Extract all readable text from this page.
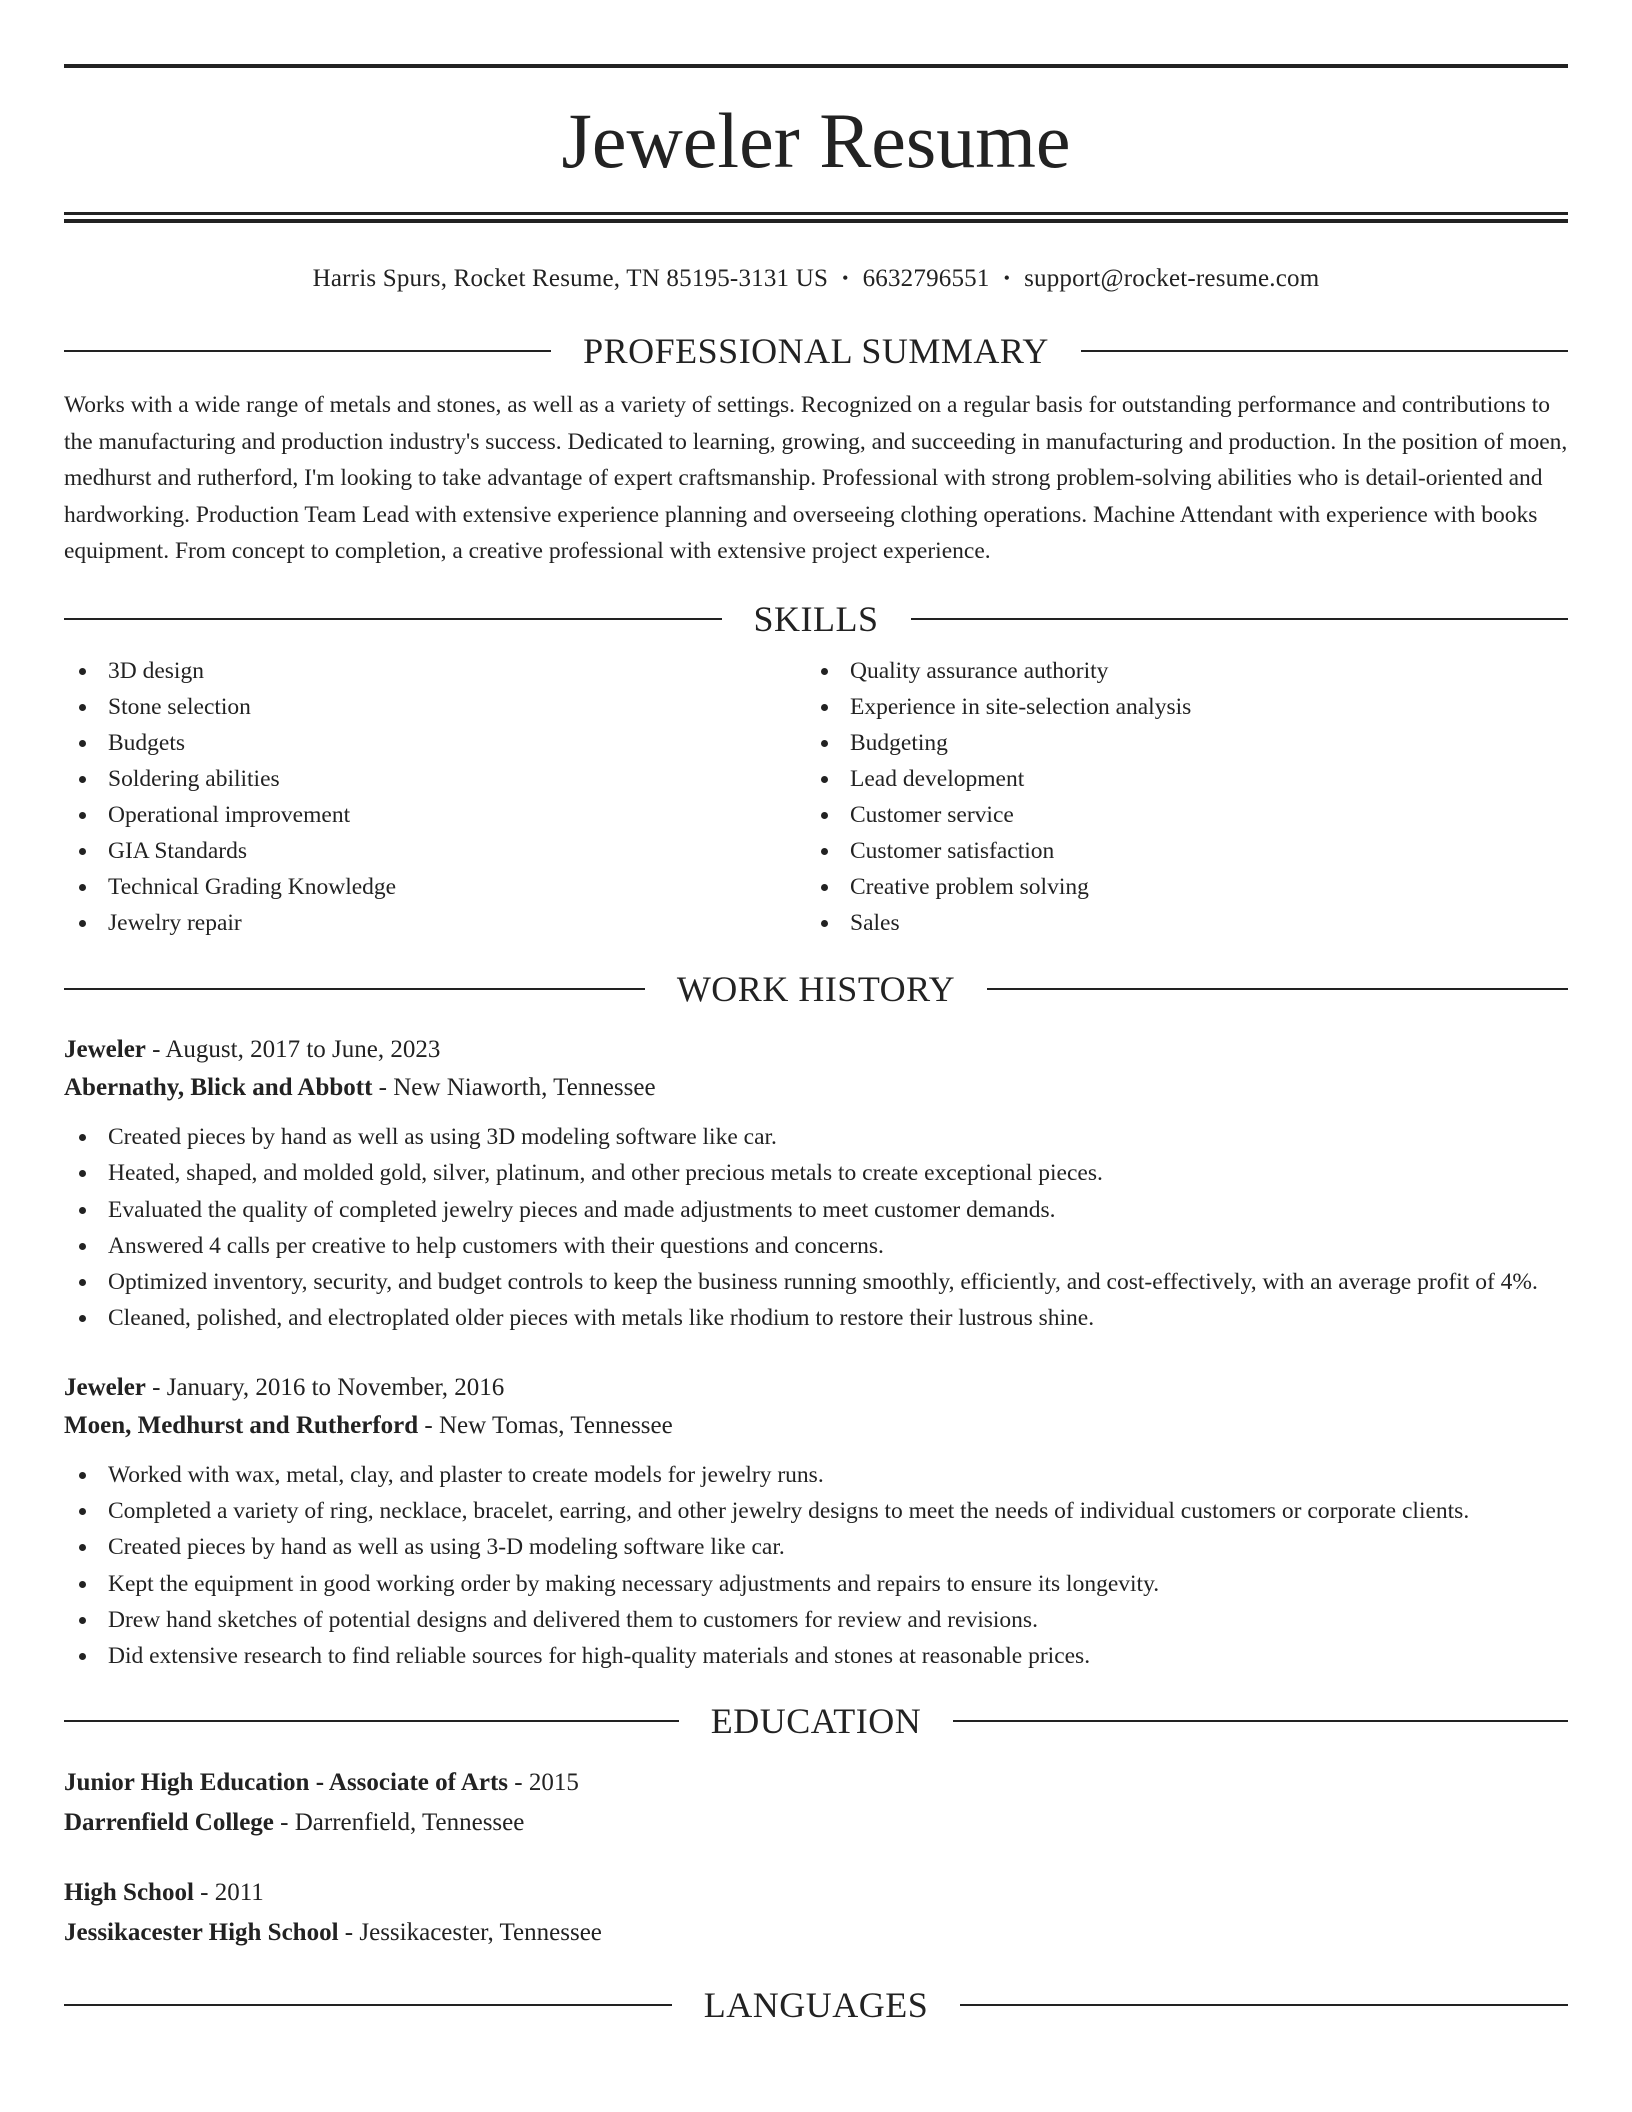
Jeweler Resume
Harris Spurs, Rocket Resume, TN 85195-3131 US • 6632796551 • support@rocket-resume.com
PROFESSIONAL SUMMARY

Works with a wide range of metals and stones, as well as a variety of settings. Recognized on a regular basis for outstanding performance and contributions to the manufacturing and production industry's success. Dedicated to learning, growing, and succeeding in manufacturing and production. In the position of moen, medhurst and rutherford, I'm looking to take advantage of expert craftsmanship. Professional with strong problem-solving abilities who is detail-oriented and hardworking. Production Team Lead with extensive experience planning and overseeing clothing operations. Machine Attendant with experience with books equipment. From concept to completion, a creative professional with extensive project experience.

SKILLS
3D design
Stone selection
Budgets
Soldering abilities
Operational improvement
GIA Standards
Technical Grading Knowledge
Jewelry repair
Quality assurance authority
Experience in site-selection analysis
Budgeting
Lead development
Customer service
Customer satisfaction
Creative problem solving
Sales
WORK HISTORY
Jeweler - August, 2017 to June, 2023
Abernathy, Blick and Abbott - New Niaworth, Tennessee
Created pieces by hand as well as using 3D modeling software like car.
Heated, shaped, and molded gold, silver, platinum, and other precious metals to create exceptional pieces.
Evaluated the quality of completed jewelry pieces and made adjustments to meet customer demands.
Answered 4 calls per creative to help customers with their questions and concerns.
Optimized inventory, security, and budget controls to keep the business running smoothly, efficiently, and cost-effectively, with an average profit of 4%.
Cleaned, polished, and electroplated older pieces with metals like rhodium to restore their lustrous shine.
Jeweler - January, 2016 to November, 2016
Moen, Medhurst and Rutherford - New Tomas, Tennessee
Worked with wax, metal, clay, and plaster to create models for jewelry runs.
Completed a variety of ring, necklace, bracelet, earring, and other jewelry designs to meet the needs of individual customers or corporate clients.
Created pieces by hand as well as using 3-D modeling software like car.
Kept the equipment in good working order by making necessary adjustments and repairs to ensure its longevity.
Drew hand sketches of potential designs and delivered them to customers for review and revisions.
Did extensive research to find reliable sources for high-quality materials and stones at reasonable prices.
EDUCATION
Junior High Education - Associate of Arts - 2015
Darrenfield College - Darrenfield, Tennessee
High School - 2011
Jessikacester High School - Jessikacester, Tennessee
LANGUAGES
